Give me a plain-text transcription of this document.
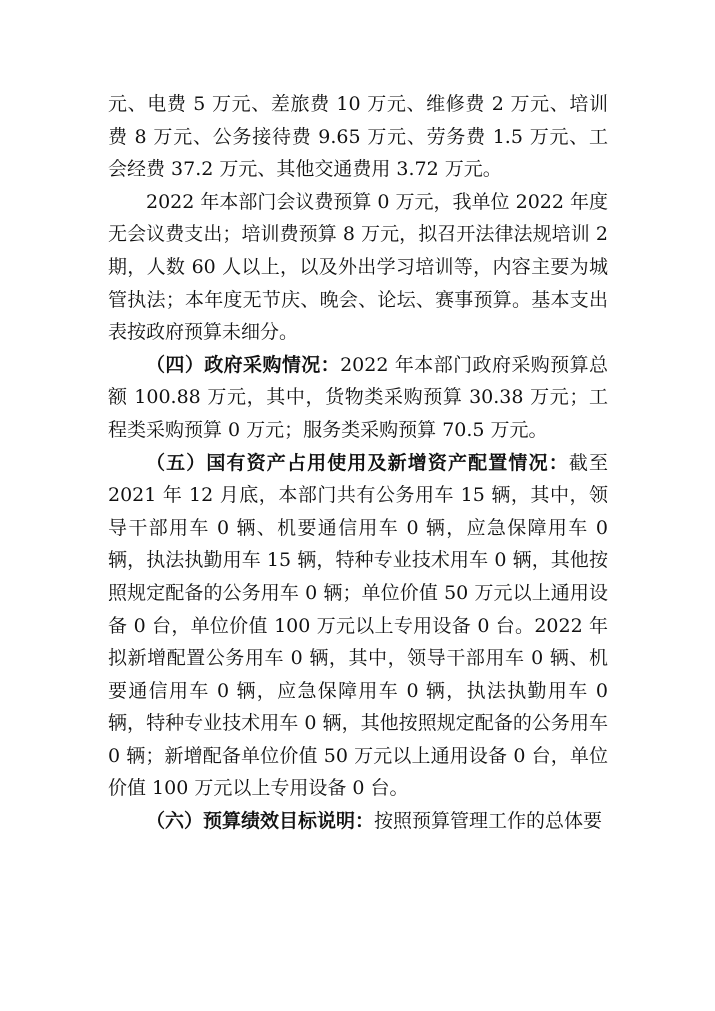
元、电费 5 万元、差旅费 10 万元、维修费 2 万元、培训费 8 万元、公务接待费 9.65 万元、劳务费 1.5 万元、工会经费 37.2 万元、其他交通费用 3.72 万元。

2022 年本部门会议费预算 0 万元，我单位 2022 年度无会议费支出；培训费预算 8 万元，拟召开法律法规培训 2 期，人数 60 人以上，以及外出学习培训等，内容主要为城管执法；本年度无节庆、晚会、论坛、赛事预算。基本支出表按政府预算未细分。

（四）政府采购情况：2022 年本部门政府采购预算总额 100.88 万元，其中，货物类采购预算 30.38 万元；工程类采购预算 0 万元；服务类采购预算 70.5 万元。

（五）国有资产占用使用及新增资产配置情况：截至 2021 年 12 月底，本部门共有公务用车 15 辆，其中，领导干部用车 0 辆、机要通信用车 0 辆，应急保障用车 0 辆，执法执勤用车 15 辆，特种专业技术用车 0 辆，其他按照规定配备的公务用车 0 辆；单位价值 50 万元以上通用设备 0 台，单位价值 100 万元以上专用设备 0 台。2022 年拟新增配置公务用车 0 辆，其中，领导干部用车 0 辆、机要通信用车 0 辆，应急保障用车 0 辆，执法执勤用车 0 辆，特种专业技术用车 0 辆，其他按照规定配备的公务用车 0 辆；新增配备单位价值 50 万元以上通用设备 0 台，单位价值 100 万元以上专用设备 0 台。

（六）预算绩效目标说明：按照预算管理工作的总体要
